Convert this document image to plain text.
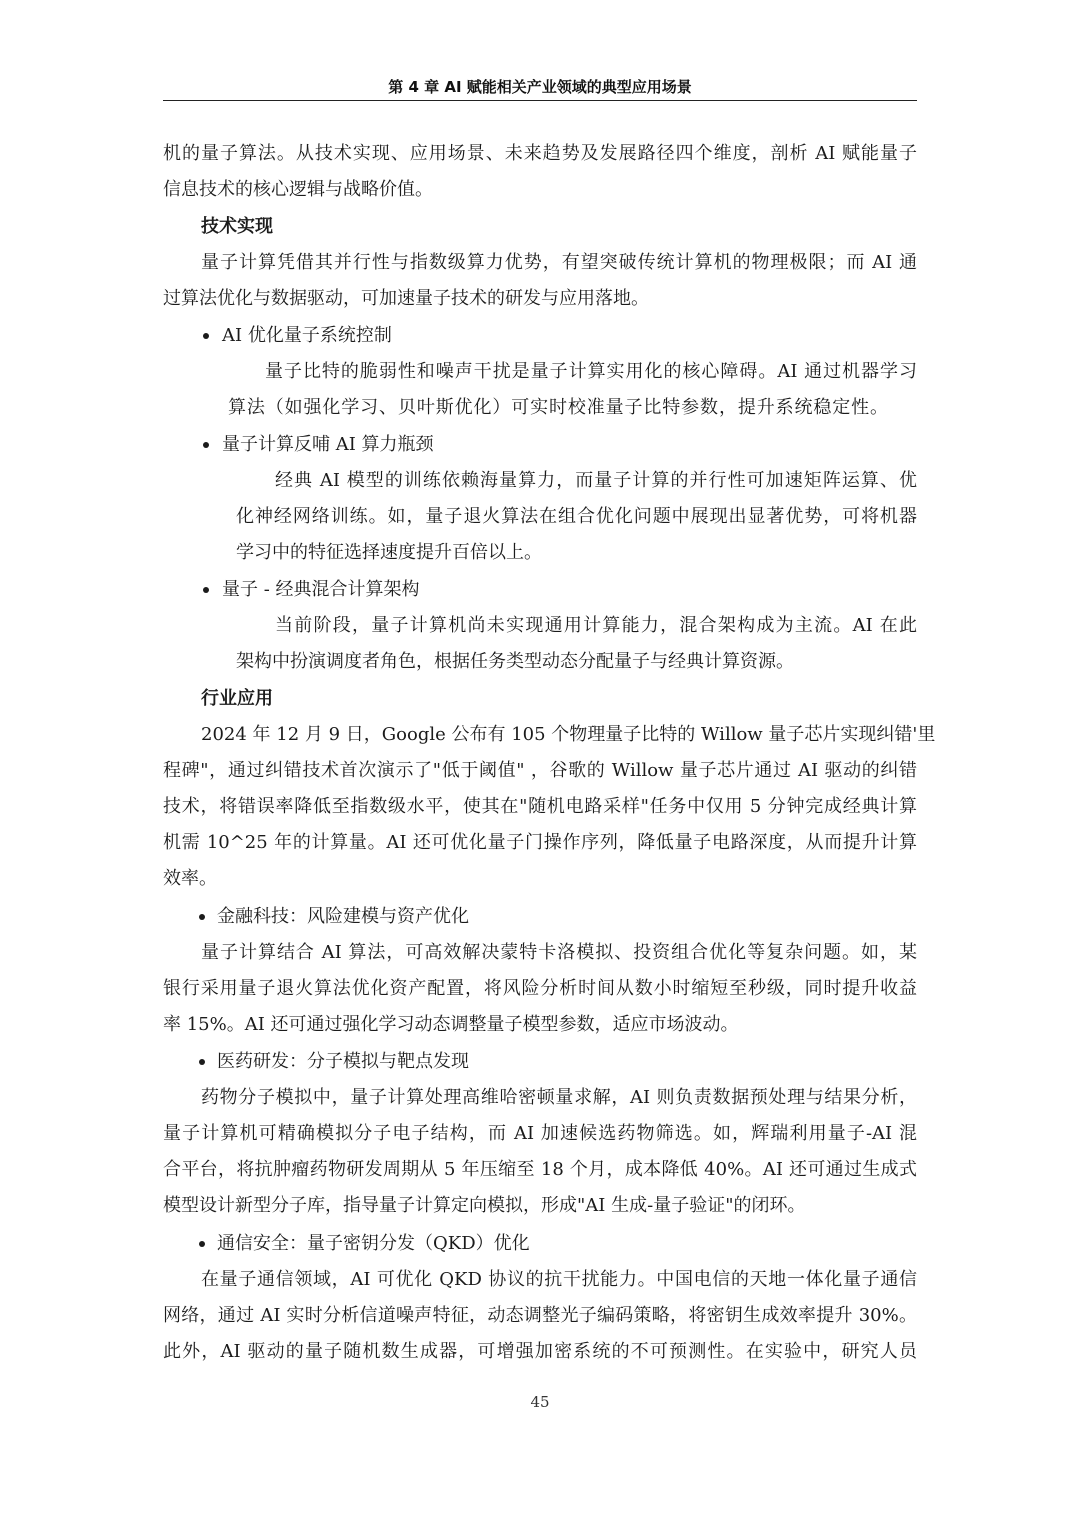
第 4 章 AI 赋能相关产业领域的典型应用场景
机的量子算法。从技术实现、应用场景、未来趋势及发展路径四个维度，剖析 AI 赋能量子
信息技术的核心逻辑与战略价值。
技术实现
量子计算凭借其并行性与指数级算力优势，有望突破传统计算机的物理极限；而 AI 通
过算法优化与数据驱动，可加速量子技术的研发与应用落地。
AI 优化量子系统控制
量子比特的脆弱性和噪声干扰是量子计算实用化的核心障碍。AI 通过机器学习
算法（如强化学习、贝叶斯优化）可实时校准量子比特参数，提升系统稳定性。
量子计算反哺 AI 算力瓶颈
经典 AI 模型的训练依赖海量算力，而量子计算的并行性可加速矩阵运算、优
化神经网络训练。如，量子退火算法在组合优化问题中展现出显著优势，可将机器
学习中的特征选择速度提升百倍以上。
量子 - 经典混合计算架构
当前阶段，量子计算机尚未实现通用计算能力，混合架构成为主流。AI 在此
架构中扮演调度者角色，根据任务类型动态分配量子与经典计算资源。
行业应用
2024 年 12 月 9 日，Google 公布有 105 个物理量子比特的 Willow 量子芯片实现纠错'里
程碑"，通过纠错技术首次演示了"低于阈值" ，谷歌的 Willow 量子芯片通过 AI 驱动的纠错
技术，将错误率降低至指数级水平，使其在"随机电路采样"任务中仅用 5 分钟完成经典计算
机需 10^25 年的计算量。AI 还可优化量子门操作序列，降低量子电路深度，从而提升计算
效率。
金融科技：风险建模与资产优化
量子计算结合 AI 算法，可高效解决蒙特卡洛模拟、投资组合优化等复杂问题。如，某
银行采用量子退火算法优化资产配置，将风险分析时间从数小时缩短至秒级，同时提升收益
率 15%。AI 还可通过强化学习动态调整量子模型参数，适应市场波动。
医药研发：分子模拟与靶点发现
药物分子模拟中，量子计算处理高维哈密顿量求解，AI 则负责数据预处理与结果分析，
量子计算机可精确模拟分子电子结构，而 AI 加速候选药物筛选。如，辉瑞利用量子-AI 混
合平台，将抗肿瘤药物研发周期从 5 年压缩至 18 个月，成本降低 40%。AI 还可通过生成式
模型设计新型分子库，指导量子计算定向模拟，形成"AI 生成-量子验证"的闭环。
通信安全：量子密钥分发（QKD）优化
在量子通信领域，AI 可优化 QKD 协议的抗干扰能力。中国电信的天地一体化量子通信
网络，通过 AI 实时分析信道噪声特征，动态调整光子编码策略，将密钥生成效率提升 30%。
此外，AI 驱动的量子随机数生成器，可增强加密系统的不可预测性。在实验中，研究人员
45
